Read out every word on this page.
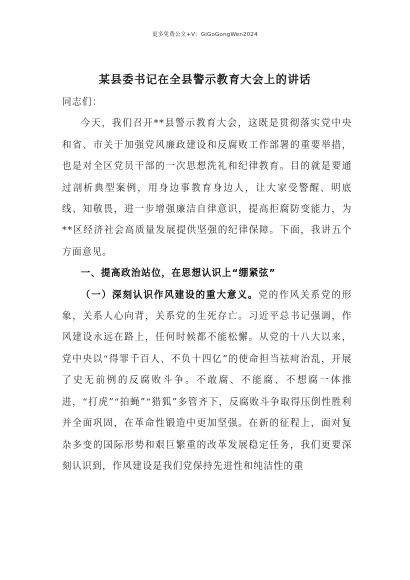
更多免费公文+V：GiGoGongWen2024
某县委书记在全县警示教育大会上的讲话

同志们：

今天，我们召开**县警示教育大会，这既是贯彻落实党中央和省、市关于加强党风廉政建设和反腐败工作部署的重要举措，也是对全区党员干部的一次思想洗礼和纪律教育。目的就是要通过剖析典型案例，用身边事教育身边人，让大家受警醒、明底线、知敬畏，进一步增强廉洁自律意识，提高拒腐防变能力，为**区经济社会高质量发展提供坚强的纪律保障。下面，我讲五个方面意见。

一、提高政治站位，在思想认识上“绷紧弦”

（一）深刻认识作风建设的重大意义。党的作风关系党的形象，关系人心向背，关系党的生死存亡。习近平总书记强调，作风建设永远在路上，任何时候都不能松懈。从党的十八大以来，党中央以“得罪千百人、不负十四亿”的使命担当祛疴治乱，开展了史无前例的反腐败斗争。不敢腐、不能腐、不想腐一体推进，“打虎”“拍蝇”“猎狐”多管齐下，反腐败斗争取得压倒性胜利并全面巩固，在革命性锻造中更加坚强。在新的征程上，面对复杂多变的国际形势和艰巨繁重的改革发展稳定任务，我们更要深刻认识到，作风建设是我们党保持先进性和纯洁性的重
